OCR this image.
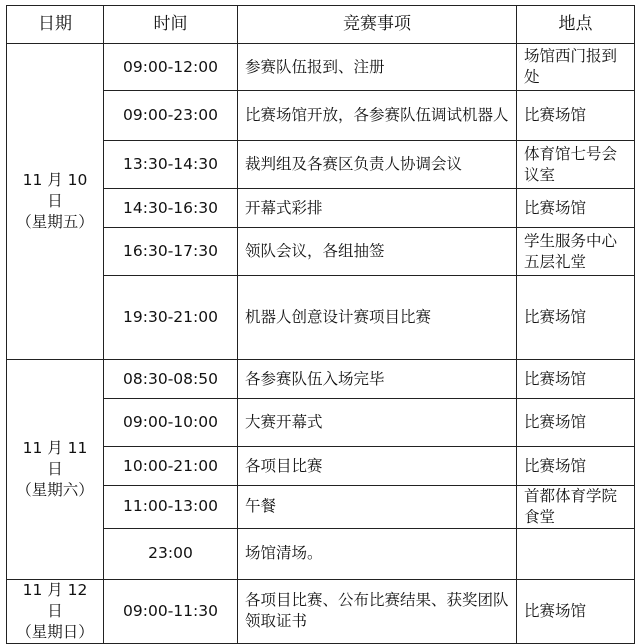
日期	时间	竞赛事项	地点

11 月 10 日
（星期五）	09:00-12:00	参赛队伍报到、注册	场馆西门报到处
	09:00-23:00	比赛场馆开放，各参赛队伍调试机器人	比赛场馆
	13:30-14:30	裁判组及各赛区负责人协调会议	体育馆七号会议室
	14:30-16:30	开幕式彩排	比赛场馆
	16:30-17:30	领队会议，各组抽签	学生服务中心五层礼堂
	19:30-21:00	机器人创意设计赛项目比赛	比赛场馆

11 月 11 日
（星期六）	08:30-08:50	各参赛队伍入场完毕	比赛场馆
	09:00-10:00	大赛开幕式	比赛场馆
	10:00-21:00	各项目比赛	比赛场馆
	11:00-13:00	午餐	首都体育学院食堂
	23:00	场馆清场。	

11 月 12 日
（星期日）	09:00-11:30	各项目比赛、公布比赛结果、获奖团队领取证书	比赛场馆
